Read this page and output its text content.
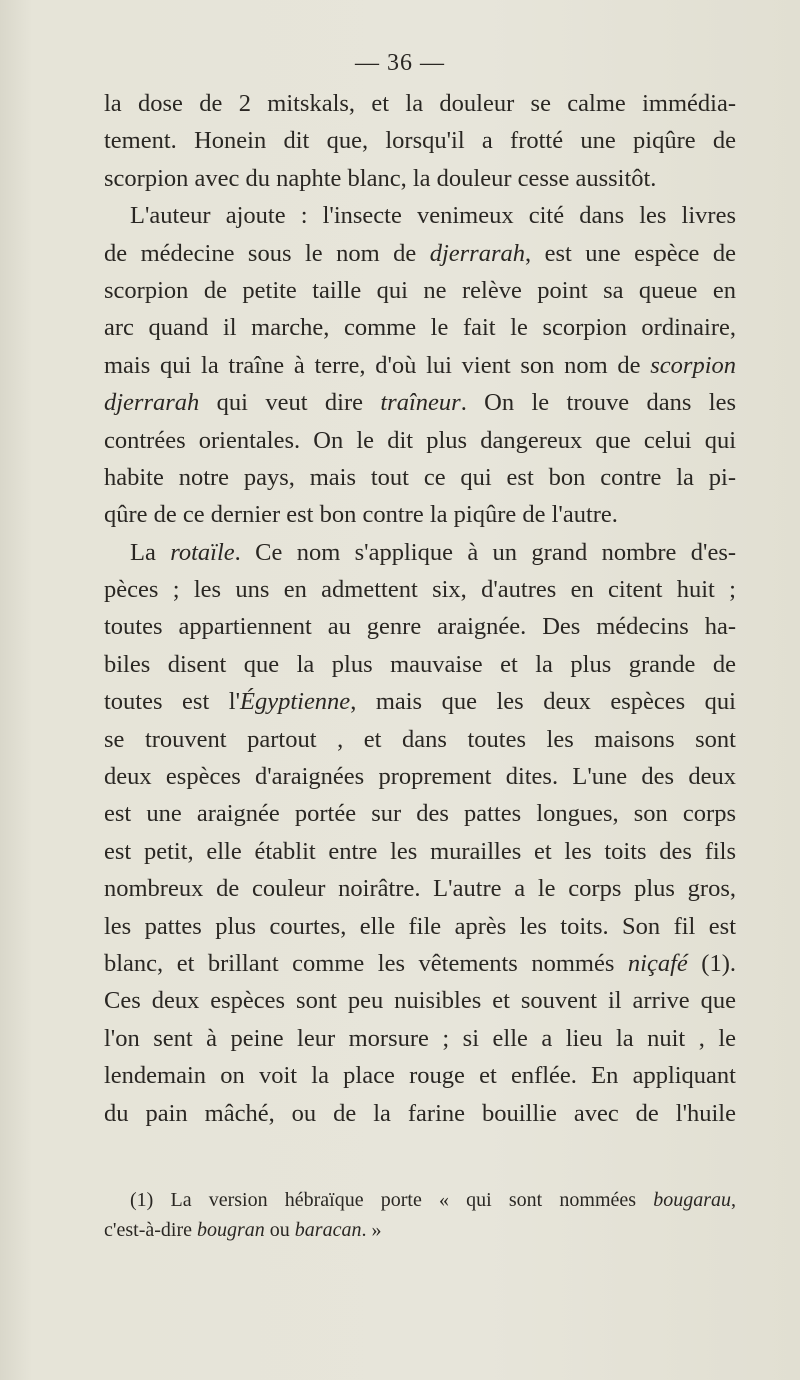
— 36 —
la dose de 2 mitskals, et la douleur se calme immédia-
tement. Honein dit que, lorsqu'il a frotté une piqûre de
scorpion avec du naphte blanc, la douleur cesse aussitôt.
L'auteur ajoute : l'insecte venimeux cité dans les livres
de médecine sous le nom de djerrarah, est une espèce de
scorpion de petite taille qui ne relève point sa queue en
arc quand il marche, comme le fait le scorpion ordinaire,
mais qui la traîne à terre, d'où lui vient son nom de scorpion
djerrarah qui veut dire traîneur. On le trouve dans les
contrées orientales. On le dit plus dangereux que celui qui
habite notre pays, mais tout ce qui est bon contre la pi-
qûre de ce dernier est bon contre la piqûre de l'autre.
La rotaïle. Ce nom s'applique à un grand nombre d'es-
pèces ; les uns en admettent six, d'autres en citent huit ;
toutes appartiennent au genre araignée. Des médecins ha-
biles disent que la plus mauvaise et la plus grande de
toutes est l'Égyptienne, mais que les deux espèces qui
se trouvent partout , et dans toutes les maisons sont
deux espèces d'araignées proprement dites. L'une des deux
est une araignée portée sur des pattes longues, son corps
est petit, elle établit entre les murailles et les toits des fils
nombreux de couleur noirâtre. L'autre a le corps plus gros,
les pattes plus courtes, elle file après les toits. Son fil est
blanc, et brillant comme les vêtements nommés niçafé (1).
Ces deux espèces sont peu nuisibles et souvent il arrive que
l'on sent à peine leur morsure ; si elle a lieu la nuit , le
lendemain on voit la place rouge et enflée. En appliquant
du pain mâché, ou de la farine bouillie avec de l'huile
(1) La version hébraïque porte « qui sont nommées bougarau,
c'est-à-dire bougran ou baracan. »
